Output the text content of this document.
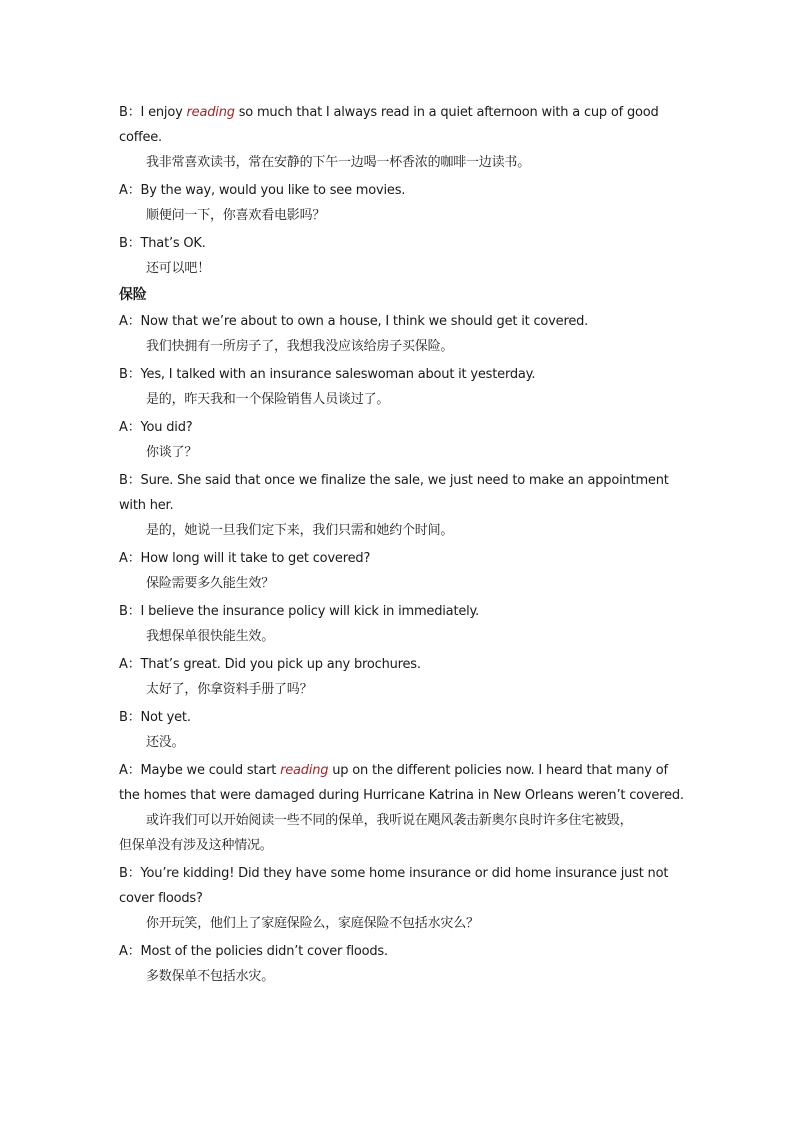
B：I enjoy reading so much that I always read in a quiet afternoon with a cup of good
coffee.
我非常喜欢读书，常在安静的下午一边喝一杯香浓的咖啡一边读书。
A：By the way, would you like to see movies.
顺便问一下，你喜欢看电影吗？
B：That’s OK.
还可以吧！
保险
A：Now that we’re about to own a house, I think we should get it covered.
我们快拥有一所房子了，我想我没应该给房子买保险。
B：Yes, I talked with an insurance saleswoman about it yesterday.
是的，昨天我和一个保险销售人员谈过了。
A：You did?
你谈了？
B：Sure. She said that once we finalize the sale, we just need to make an appointment
with her.
是的，她说一旦我们定下来，我们只需和她约个时间。
A：How long will it take to get covered?
保险需要多久能生效？
B：I believe the insurance policy will kick in immediately.
我想保单很快能生效。
A：That’s great. Did you pick up any brochures.
太好了，你拿资料手册了吗？
B：Not yet.
还没。
A：Maybe we could start reading up on the different policies now. I heard that many of
the homes that were damaged during Hurricane Katrina in New Orleans weren’t covered.
或许我们可以开始阅读一些不同的保单，我听说在飓风袭击新奥尔良时许多住宅被毁，
但保单没有涉及这种情况。
B：You’re kidding! Did they have some home insurance or did home insurance just not
cover floods?
你开玩笑，他们上了家庭保险么，家庭保险不包括水灾么？
A：Most of the policies didn’t cover floods.
多数保单不包括水灾。
